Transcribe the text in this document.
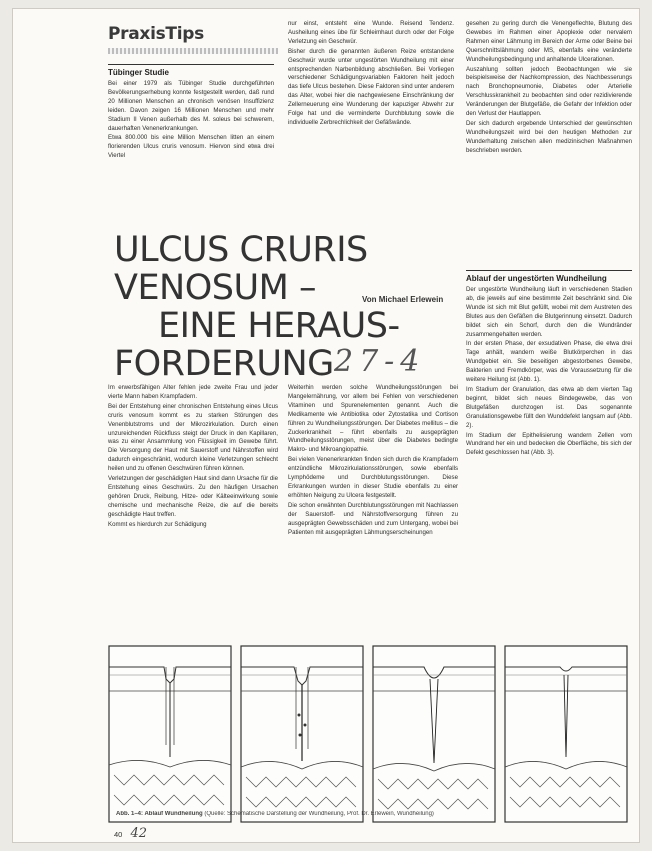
PraxisTips
Tübinger Studie

Bei einer 1979 als Tübinger Studie durchgeführten Bevölkerungserhebung konnte festgestellt werden, daß rund 20 Millionen Menschen an chronisch venösen Insuffizienz leiden. Davon zeigen 16 Millionen Menschen und mehr Stadium II Venen außerhalb des M. soleus bei schwerem, dauerhaften Venenerkrankungen.

Etwa 800.000 bis eine Million Menschen litten an einem florierenden Ulcus cruris venosum. Hiervon sind etwa drei Viertel

nur einst, entsteht eine Wunde. Reisend Tendenz. Ausheilung eines übe für Schleimhaut durch oder der Folge Verletzung ein Geschwür.

Bisher durch die genannten äußeren Reize entstandene Geschwür wurde unter ungestörten Wundheilung mit einer entsprechenden Narbenbildung abschließen. Bei Vorliegen verschiedener Schädigungsvariablen Faktoren heilt jedoch das tiefe Ulcus bestehen. Diese Faktoren sind unter anderem das Alter, wobei hier die nachgewiesene Einschränkung der Zellerneuerung eine Wunderung der kapuziger Abwehr zur Folge hat und die verminderte Durchblutung sowie die individuelle Zerbrechlichkeit der Gefäßwände.

gesehen zu gering durch die Venengeflechte, Blutung des Gewebes im Rahmen einer Apoplexie oder nervalem Rahmen einer Lähmung im Bereich der Arme oder Beine bei Querschnittslähmung oder MS, ebenfalls eine veränderte Wundheilungsbedingung und anhaltende Ulcerationen.

Auszahlung sollten jedoch Beobachtungen wie sie beispielsweise der Nachkompression, des Nachbesserungs nach Bronchopneumonie, Diabetes oder Arterielle Verschlusskrankheit zu beobachten sind oder rezidivierende Veränderungen der Blutgefäße, die Gefahr der Infektion oder den Verlust der Hautlappen.

Der sich dadurch ergebende Unterschied der gewünschten Wundheilungszeit wird bei den heutigen Methoden zur Wunderhaltung zwischen allen medizinischen Maßnahmen beschrieben werden.

ULCUS CRURIS
VENOSUM –
EINE HERAUS-
FORDERUNG
Von Michael Erlewein
27-4

Im erwerbsfähigen Alter fehlen jede zweite Frau und jeder vierte Mann haben Krampfadern.

Bei der Entstehung einer chronischen Entstehung eines Ulcus cruris venosum kommt es zu starken Störungen des Venenblutstroms und der Mikrozirkulation. Durch einen unzureichenden Rückfluss steigt der Druck in den Kapillaren, was zu einer Ansammlung von Flüssigkeit im Gewebe führt. Die Versorgung der Haut mit Sauerstoff und Nährstoffen wird dadurch eingeschränkt, wodurch kleine Verletzungen schlecht heilen und zu offenen Geschwüren führen können.

Verletzungen der geschädigten Haut sind dann Ursache für die Entstehung eines Geschwürs. Zu den häufigen Ursachen gehören Druck, Reibung, Hitze- oder Kälteeinwirkung sowie chemische und mechanische Reize, die auf die bereits geschädigte Haut treffen.

Kommt es hierdurch zur Schädigung

Weiterhin werden solche Wundheilungsstörungen bei Mangelernährung, vor allem bei Fehlen von verschiedenen Vitaminen und Spurenelementen genannt. Auch die Medikamente wie Antibiotika oder Zytostatika und Cortison führen zu Wundheilungsstörungen. Der Diabetes mellitus – die Zuckerkrankheit – führt ebenfalls zu ausgeprägten Wundheilungsstörungen, meist über die Diabetes bedingte Makro- und Mikroangiopathie.

Bei vielen Venenerkrankten finden sich durch die Krampfadern entzündliche Mikrozirkulationsstörungen, sowie ebenfalls Lymphödeme und Durchblutungsstörungen. Diese Erkrankungen wurden in dieser Studie ebenfalls zu einer erhöhten Neigung zu Ulcera festgestellt.

Die schon erwähnten Durchblutungsstörungen mit Nachlassen der Sauerstoff- und Nährstoffversorgung führen zu ausgeprägten Gewebsschäden und zum Untergang, wobei bei Patienten mit ausgeprägten Lähmungserscheinungen

Ablauf der ungestörten Wundheilung

Der ungestörte Wundheilung läuft in verschiedenen Stadien ab, die jeweils auf eine bestimmte Zeit beschränkt sind. Die Wunde ist sich mit Blut gefüllt, wobei mit dem Austreten des Blutes aus den Gefäßen die Blutgerinnung einsetzt. Dadurch bildet sich ein Schorf, durch den die Wundränder zusammengehalten werden.

In der ersten Phase, der exsudativen Phase, die etwa drei Tage anhält, wandern weiße Blutkörperchen in das Wundgebiet ein. Sie beseitigen abgestorbenes Gewebe, Bakterien und Fremdkörper, was die Voraussetzung für die weitere Heilung ist (Abb. 1).

Im Stadium der Granulation, das etwa ab dem vierten Tag beginnt, bildet sich neues Bindegewebe, das von Blutgefäßen durchzogen ist. Das sogenannte Granulationsgewebe füllt den Wunddefekt langsam auf (Abb. 2).

Im Stadium der Epithelisierung wandern Zellen vom Wundrand her ein und bedecken die Oberfläche, bis sich der Defekt geschlossen hat (Abb. 3).

Abb. 1–4: Ablauf Wundheilung (Quelle: Schematische Darstellung der Wundheilung, Prof. Dr. Erlewein, Wundheilung)
40 42
